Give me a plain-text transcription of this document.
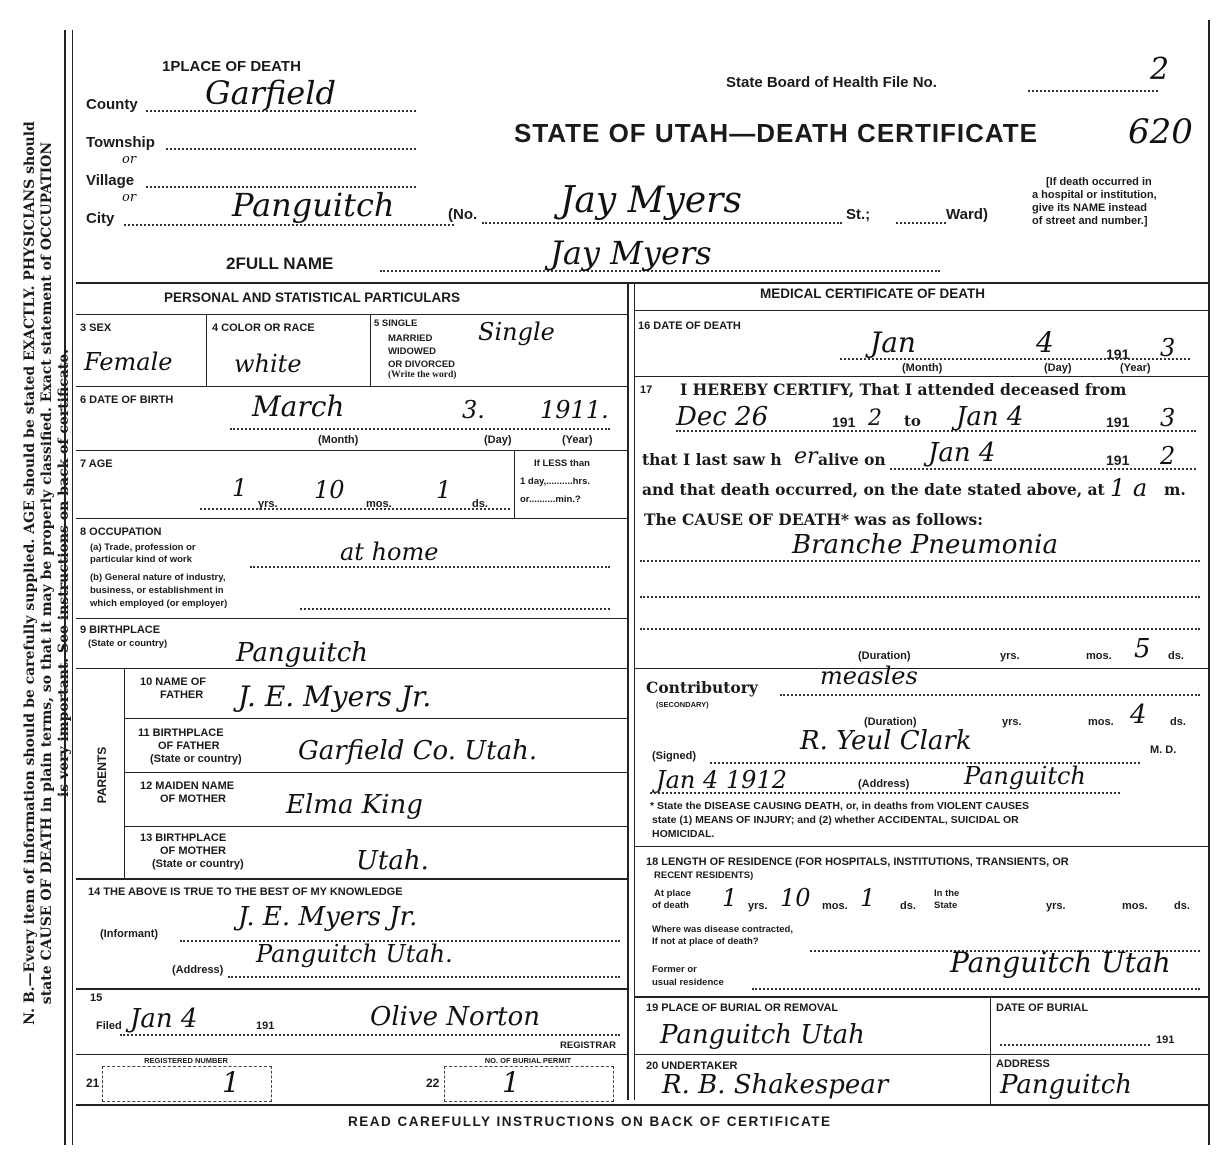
N. B.—Every item of information should be carefully supplied. AGE should be stated EXACTLY. PHYSICIANS should state CAUSE OF DEATH in plain terms, so that it may be properly classified. Exact statement of OCCUPATION is very important. See instructions on back of certificate.
1PLACE OF DEATH
County Garfield	State Board of Health File No.	2
Township
or
Village
or
City	Panguitch
STATE OF UTAH—DEATH CERTIFICATE	620
(No. Jay Myers	St.;	Ward)
[If death occurred in
a hospital or institution,
give its NAME instead
of street and number.]
2FULL NAME	Jay Myers
PERSONAL AND STATISTICAL PARTICULARS
3 SEX
Female
4 COLOR OR RACE
white
5 SINGLE
MARRIED
WIDOWED
OR DIVORCED
(Write the word)
Single
6 DATE OF BIRTH	March	3. 1911.
(Month)	(Day)	(Year)
7 AGE
1
yrs. 10 mos. 1 ds.
If LESS than
1 day,..........hrs.
or..........min.?
8 OCCUPATION
(a) Trade, profession or
particular kind of work	at home
(b) General nature of industry,
business, or establishment in
which employed (or employer)
9 BIRTHPLACE
(State or country)	Panguitch
PARENTS
10 NAME OF
FATHER J. E. Myers Jr.
11 BIRTHPLACE
OF FATHER
(State or country) Garfield Co. Utah.
12 MAIDEN NAME
OF MOTHER Elma King
13 BIRTHPLACE
OF MOTHER
(State or country)	Utah.
14 THE ABOVE IS TRUE TO THE BEST OF MY KNOWLEDGE
J. E. Myers Jr.
(Informant)
Panguitch Utah.
(Address)
15
Filed Jan 4	191	Olive Norton
REGISTRAR
21
REGISTERED NUMBER
1	22
NO. OF BURIAL PERMIT
1
MEDICAL CERTIFICATE OF DEATH
16 DATE OF DEATH	Jan	4	191 3
(Month)	(Day)	(Year)
17 I HEREBY CERTIFY, That I attended deceased from
Dec 26	191 2 to Jan 4	191 3
that I last saw h er alive on Jan 4	191 2
and that death occurred, on the date stated above, at 1 a m.
The CAUSE OF DEATH* was as follows:
Branche Pneumonia
(Duration)	yrs.	mos. 5 ds.
Contributory
(SECONDARY)
measles
(Duration)	yrs.	mos. 4 ds.
(Signed)	R. Yeul Clark	M. D.
Jan 4 1912	(Address) Panguitch
* State the DISEASE CAUSING DEATH, or, in deaths from VIOLENT CAUSES
state (1) MEANS OF INJURY; and (2) whether ACCIDENTAL, SUICIDAL OR
HOMICIDAL.
18 LENGTH OF RESIDENCE (FOR HOSPITALS, INSTITUTIONS, TRANSIENTS, OR
RECENT RESIDENTS)
At place
of death 1 yrs. 10 mos. 1 ds.
In the
State	yrs.	mos. ds.
Where was disease contracted,
If not at place of death?
Former or
usual residence
Panguitch Utah
19 PLACE OF BURIAL OR REMOVAL
Panguitch Utah
DATE OF BURIAL
191
20 UNDERTAKER
R. B. Shakespear
ADDRESS
Panguitch
READ CAREFULLY INSTRUCTIONS ON BACK OF CERTIFICATE
